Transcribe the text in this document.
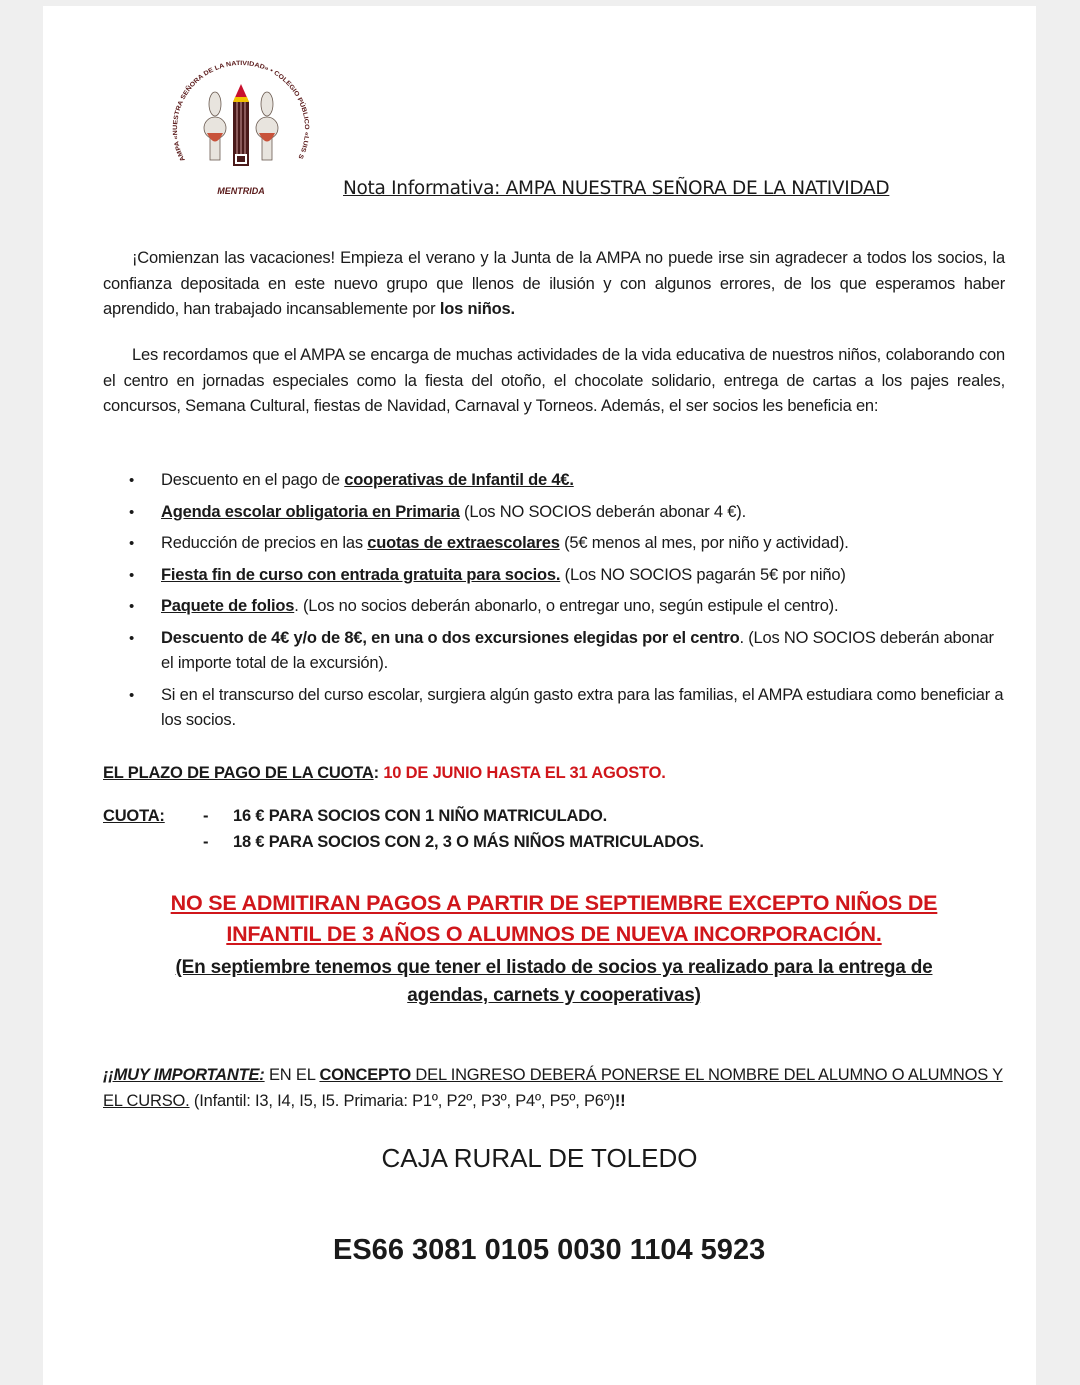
AMPA «NUESTRA SEÑORA DE LA NATIVIDAD» • COLEGIO PÚBLICO «LUIS S
MENTRIDA	Nota Informativa: AMPA NUESTRA SEÑORA DE LA NATIVIDAD
¡Comienzan las vacaciones! Empieza el verano y la Junta de la AMPA no puede irse sin agradecer a todos los socios, la confianza depositada en este nuevo grupo que llenos de ilusión y con algunos errores, de los que esperamos haber aprendido, han trabajado incansablemente por los niños.
Les recordamos que el AMPA se encarga de muchas actividades de la vida educativa de nuestros niños, colaborando con el centro en jornadas especiales como la fiesta del otoño, el chocolate solidario, entrega de cartas a los pajes reales, concursos, Semana Cultural, fiestas de Navidad, Carnaval y Torneos. Además, el ser socios les beneficia en:
• Descuento en el pago de cooperativas de Infantil de 4€.
• Agenda escolar obligatoria en Primaria (Los NO SOCIOS deberán abonar 4 €).
• Reducción de precios en las cuotas de extraescolares (5€ menos al mes, por niño y actividad).
• Fiesta fin de curso con entrada gratuita para socios. (Los NO SOCIOS pagarán 5€ por niño)
• Paquete de folios. (Los no socios deberán abonarlo, o entregar uno, según estipule el centro).
• Descuento de 4€ y/o de 8€, en una o dos excursiones elegidas por el centro. (Los NO SOCIOS deberán abonar el importe total de la excursión).
• Si en el transcurso del curso escolar, surgiera algún gasto extra para las familias, el AMPA estudiara como beneficiar a los socios.
EL PLAZO DE PAGO DE LA CUOTA: 10 DE JUNIO HASTA EL 31 AGOSTO.
CUOTA: - 16 € PARA SOCIOS CON 1 NIÑO MATRICULADO.
- 18 € PARA SOCIOS CON 2, 3 O MÁS NIÑOS MATRICULADOS.
NO SE ADMITIRAN PAGOS A PARTIR DE SEPTIEMBRE EXCEPTO NIÑOS DE
INFANTIL DE 3 AÑOS O ALUMNOS DE NUEVA INCORPORACIÓN.
(En septiembre tenemos que tener el listado de socios ya realizado para la entrega de
agendas, carnets y cooperativas)
¡¡MUY IMPORTANTE: EN EL CONCEPTO DEL INGRESO DEBERÁ PONERSE EL NOMBRE DEL ALUMNO O ALUMNOS Y EL CURSO. (Infantil: I3, I4, I5, I5. Primaria: P1º, P2º, P3º, P4º, P5º, P6º)!!
CAJA RURAL DE TOLEDO
ES66 3081 0105 0030 1104 5923
